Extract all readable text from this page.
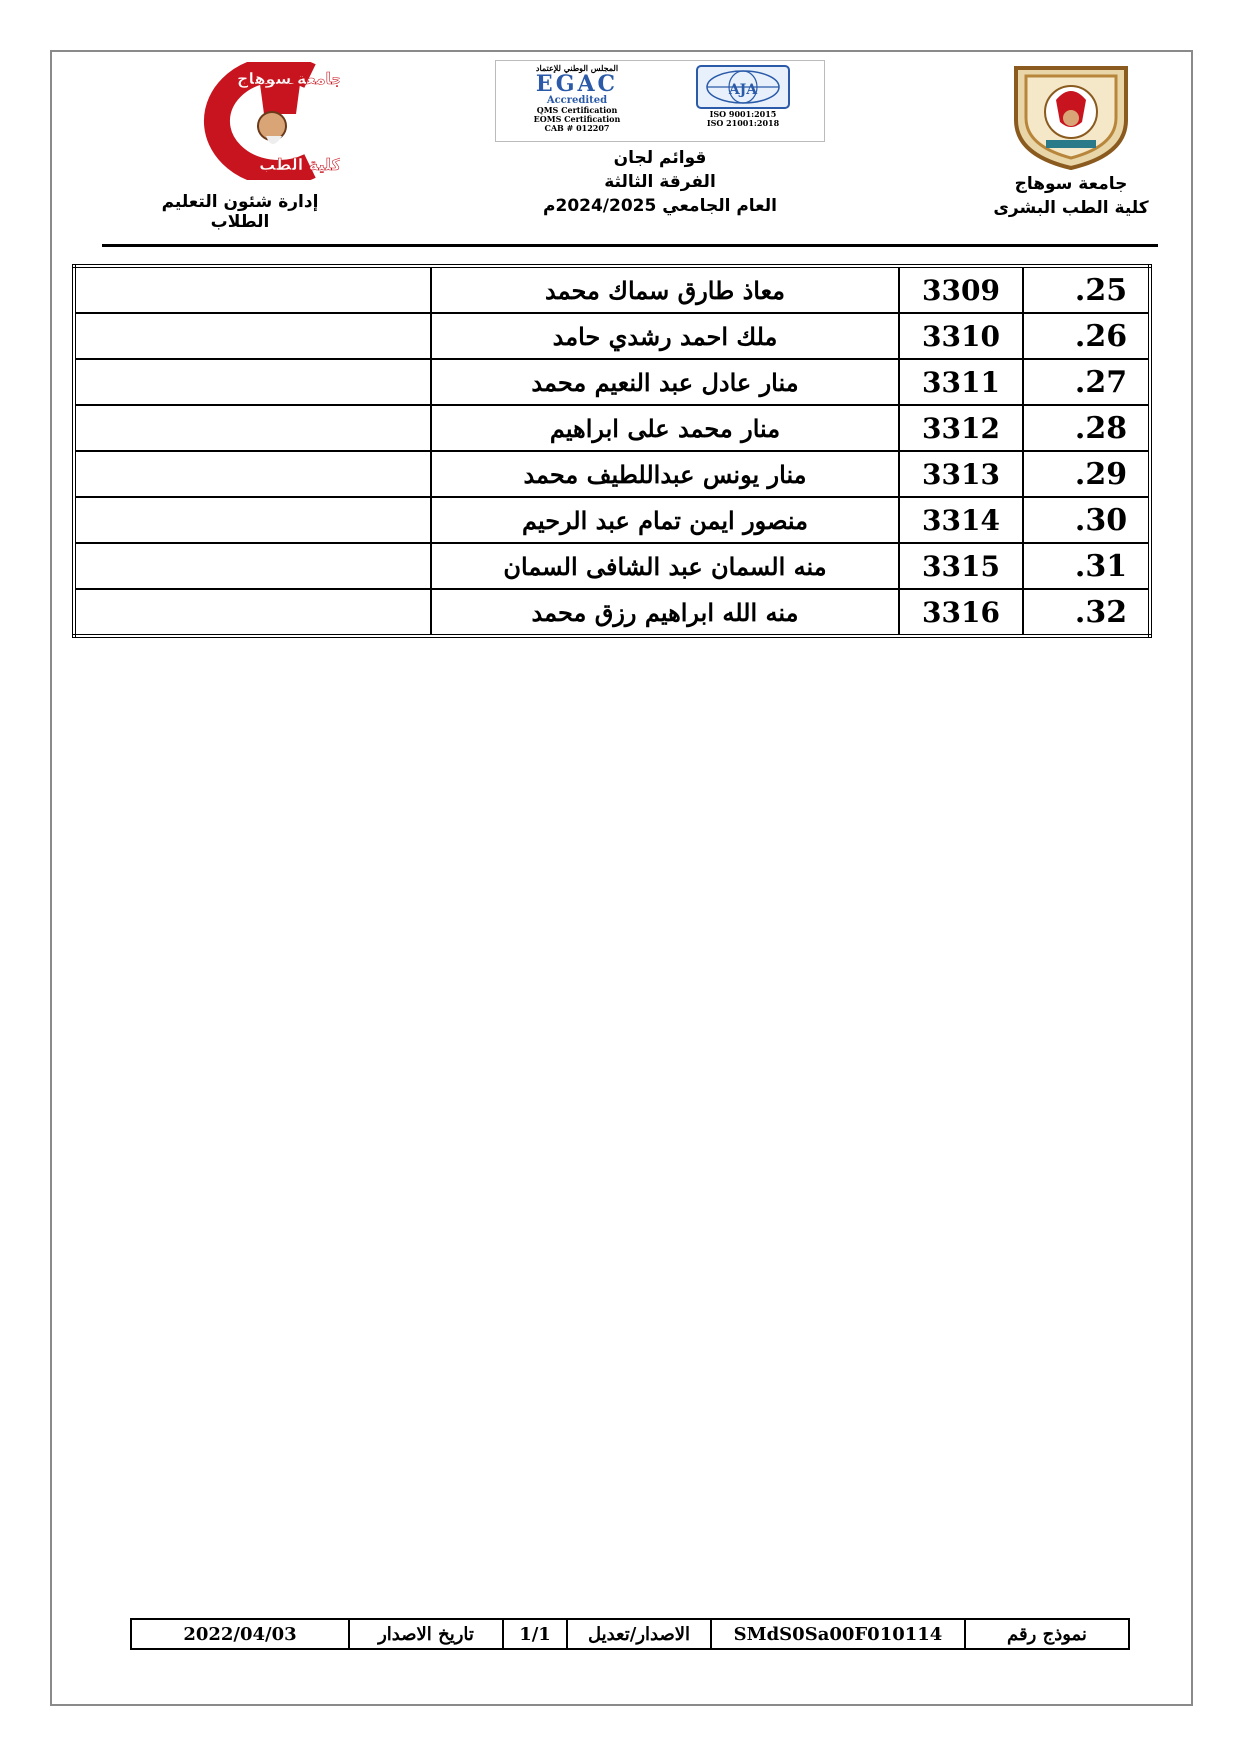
جامعة سوهاج
كلية الطب البشرى
المجلس الوطني للإعتماد
EGAC
Accredited
QMS Certification
EOMS Certification
CAB # 012207
AJA
ISO 9001:2015
ISO 21001:2018
قوائم لجان
الفرقة الثالثة
العام الجامعي 2024/2025م
جامعة سوهاج
كلية الطب
إدارة شئون التعليم الطلاب
.25	3309	معاذ طارق سماك محمد	
.26	3310	ملك احمد رشدي حامد	
.27	3311	منار عادل عبد النعيم محمد	
.28	3312	منار محمد على ابراهيم	
.29	3313	منار يونس عبداللطيف محمد	
.30	3314	منصور ايمن تمام عبد الرحيم	
.31	3315	منه السمان عبد الشافى السمان	
.32	3316	منه الله ابراهيم رزق محمد	
نموذج رقم	SMdS0Sa00F010114	الاصدار/تعديل	1/1	تاريخ الاصدار	2022/04/03
